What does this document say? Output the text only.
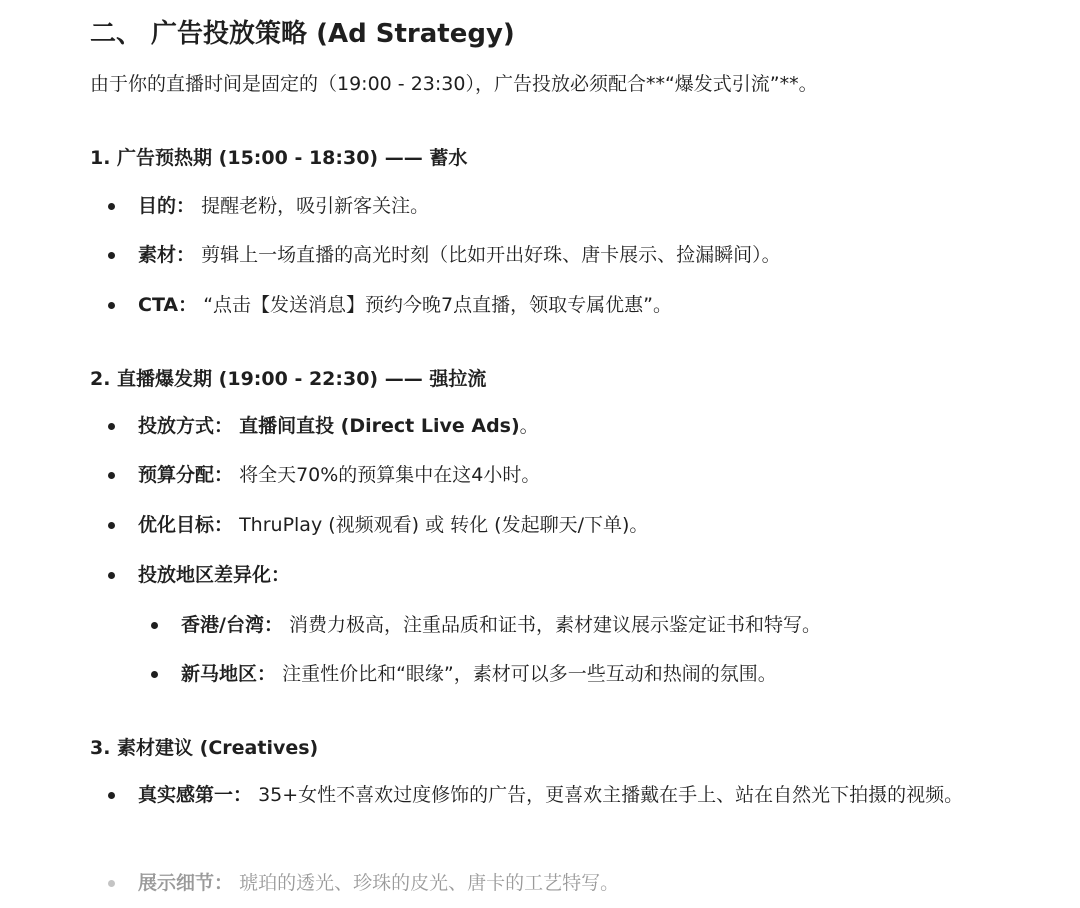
二、 广告投放策略 (Ad Strategy)

由于你的直播时间是固定的（19:00 - 23:30），广告投放必须配合**“爆发式引流”**。

1. 广告预热期 (15:00 - 18:30) —— 蓄水

目的： 提醒老粉，吸引新客关注。

素材： 剪辑上一场直播的高光时刻（比如开出好珠、唐卡展示、捡漏瞬间）。

CTA： “点击【发送消息】预约今晚7点直播，领取专属优惠”。

2. 直播爆发期 (19:00 - 22:30) —— 强拉流

投放方式： 直播间直投 (Direct Live Ads)。

预算分配： 将全天70%的预算集中在这4小时。

优化目标： ThruPlay (视频观看) 或 转化 (发起聊天/下单)。

投放地区差异化：

香港/台湾： 消费力极高，注重品质和证书，素材建议展示鉴定证书和特写。

新马地区： 注重性价比和“眼缘”，素材可以多一些互动和热闹的氛围。

3. 素材建议 (Creatives)

真实感第一： 35+女性不喜欢过度修饰的广告，更喜欢主播戴在手上、站在自然光下拍摄的视频。

展示细节： 琥珀的透光、珍珠的皮光、唐卡的工艺特写。
